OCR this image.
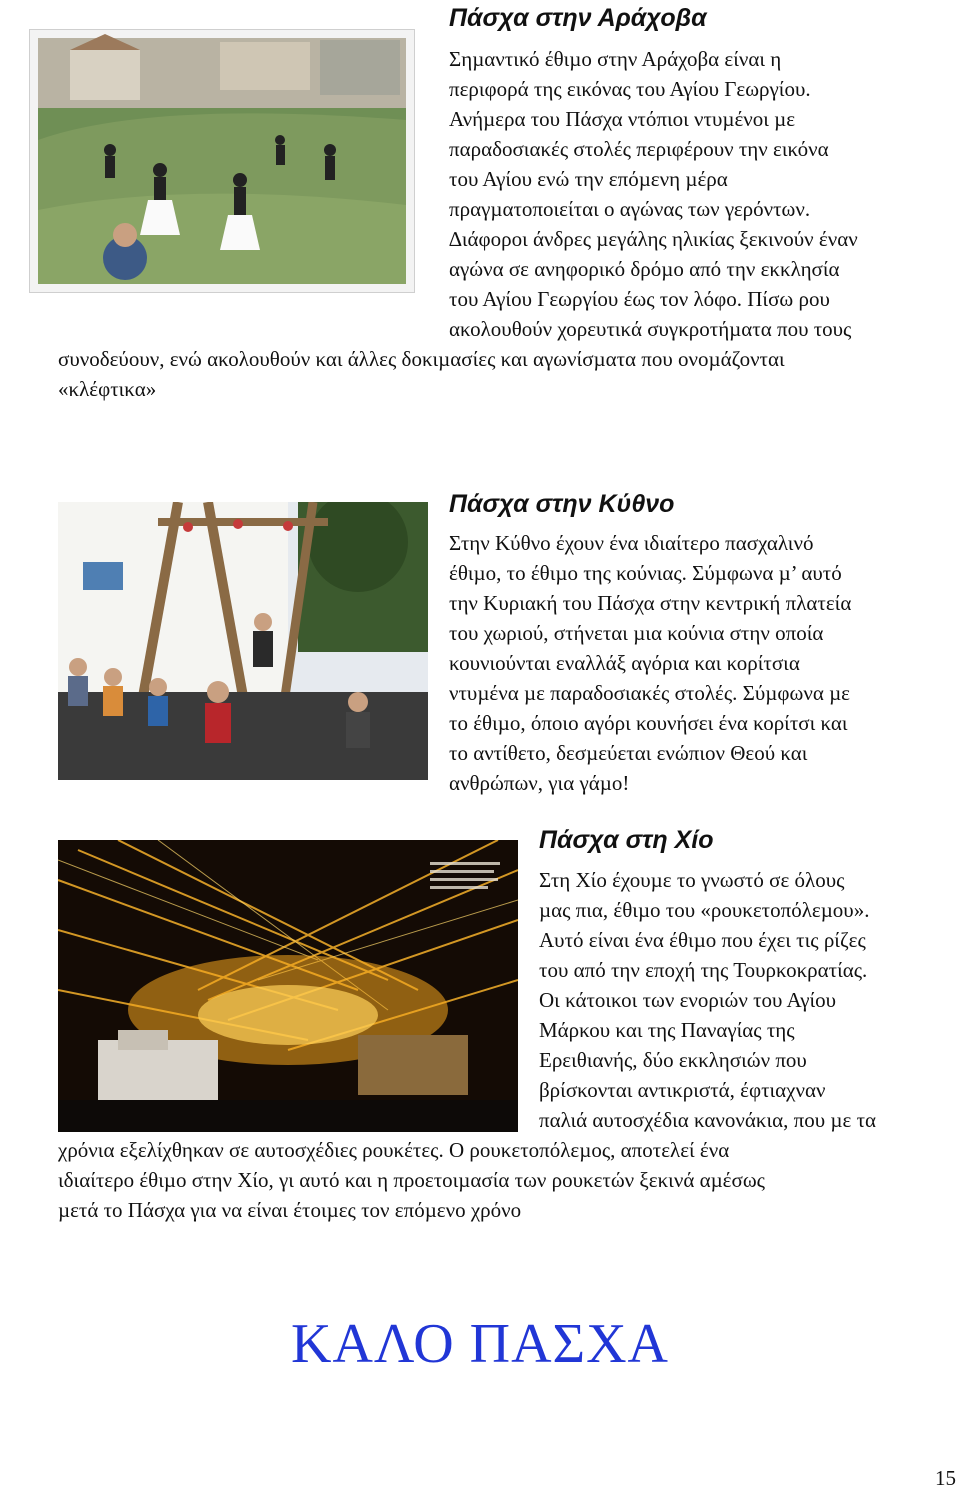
Πάσχα στην Αράχοβα
Σηµαντικό έθιµο στην Αράχοβα είναι η
περιφορά της εικόνας του Αγίου Γεωργίου.
Ανήµερα του Πάσχα ντόπιοι ντυµένοι µε
παραδοσιακές στολές περιφέρουν την εικόνα
του Αγίου ενώ την επόµενη µέρα
πραγµατοποιείται ο αγώνας των γερόντων.
∆ιάφοροι άνδρες µεγάλης ηλικίας ξεκινούν έναν
αγώνα σε ανηφορικό δρόµο από την εκκλησία
του Αγίου Γεωργίου έως τον λόφο. Πίσω ρου
ακολουθούν χορευτικά συγκροτήµατα που τους
συνοδεύουν, ενώ ακολουθούν και άλλες δοκιµασίες και αγωνίσµατα που ονοµάζονται
«κλέφτικα»
Πάσχα στην Κύθνο
Στην Κύθνο έχουν ένα ιδιαίτερο πασχαλινό
έθιµο, το έθιµο της κούνιας. Σύµφωνα µ’ αυτό
την Κυριακή του Πάσχα στην κεντρική πλατεία
του χωριού, στήνεται µια κούνια στην οποία
κουνιούνται εναλλάξ αγόρια και κορίτσια
ντυµένα µε παραδοσιακές στολές. Σύµφωνα µε
το έθιµο, όποιο αγόρι κουνήσει ένα κορίτσι και
το αντίθετο, δεσµεύεται ενώπιον Θεού και
ανθρώπων, για γάµο!
Πάσχα στη Χίο
Στη Χίο έχουµε το γνωστό σε όλους
µας πια, έθιµο του «ρουκετοπόλεµου».
Αυτό είναι ένα έθιµο που έχει τις ρίζες
του από την εποχή της Τουρκοκρατίας.
Οι κάτοικοι των ενοριών του Αγίου
Μάρκου και της Παναγίας της
Ερειθιανής, δύο εκκλησιών που
βρίσκονται αντικριστά, έφτιαχναν
παλιά αυτοσχέδια κανονάκια, που µε τα
χρόνια εξελίχθηκαν σε αυτοσχέδιες ρουκέτες. Ο ρουκετοπόλεµος, αποτελεί ένα
ιδιαίτερο έθιµο στην Χίο, γι αυτό και η προετοιµασία των ρουκετών ξεκινά αµέσως
µετά το Πάσχα για να είναι έτοιµες τον επόµενο χρόνο
ΚΑΛΟ ΠΑΣΧΑ
15
